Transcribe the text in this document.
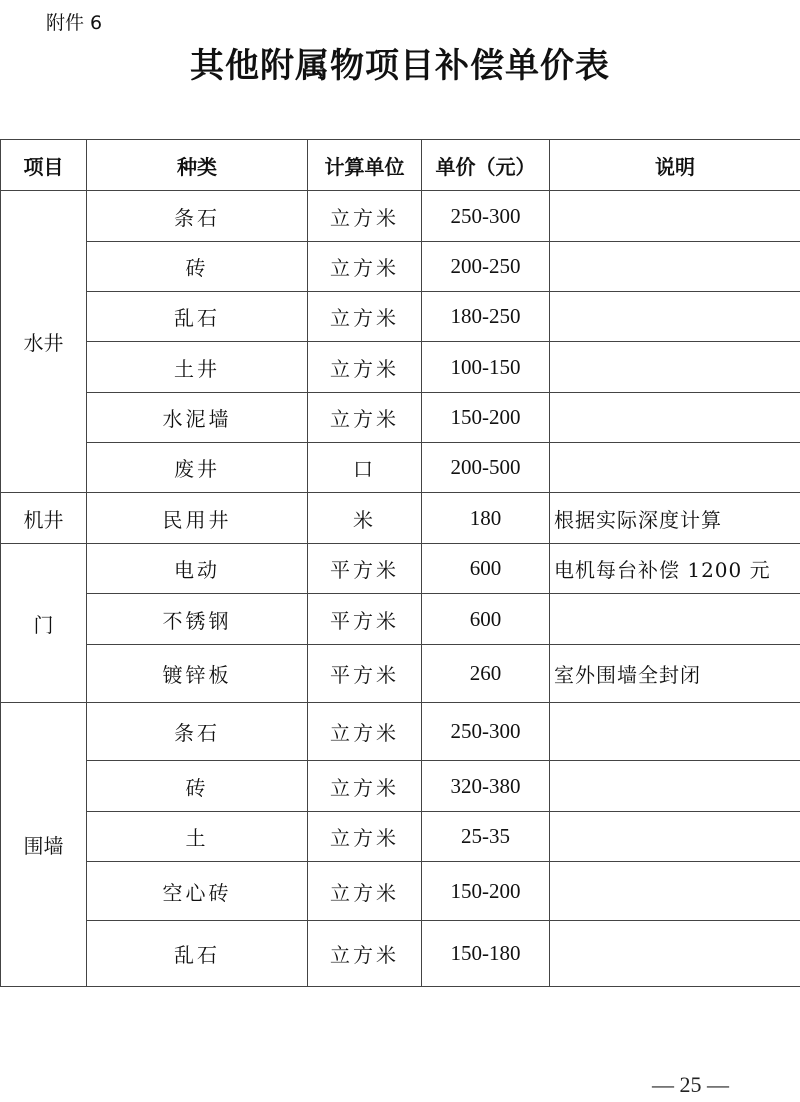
附件 6
其他附属物项目补偿单价表
项目	种类	计算单位	单价（元）	说明
水井	条石	立方米	250-300	
	砖	立方米	200-250	
	乱石	立方米	180-250	
	土井	立方米	100-150	
	水泥墙	立方米	150-200	
	废井	口	200-500	
机井	民用井	米	180	根据实际深度计算
门	电动	平方米	600	电机每台补偿 1200 元
	不锈钢	平方米	600	
	镀锌板	平方米	260	室外围墙全封闭
围墙	条石	立方米	250-300	
	砖	立方米	320-380	
	土	立方米	25-35	
	空心砖	立方米	150-200	
	乱石	立方米	150-180	
— 25 —
